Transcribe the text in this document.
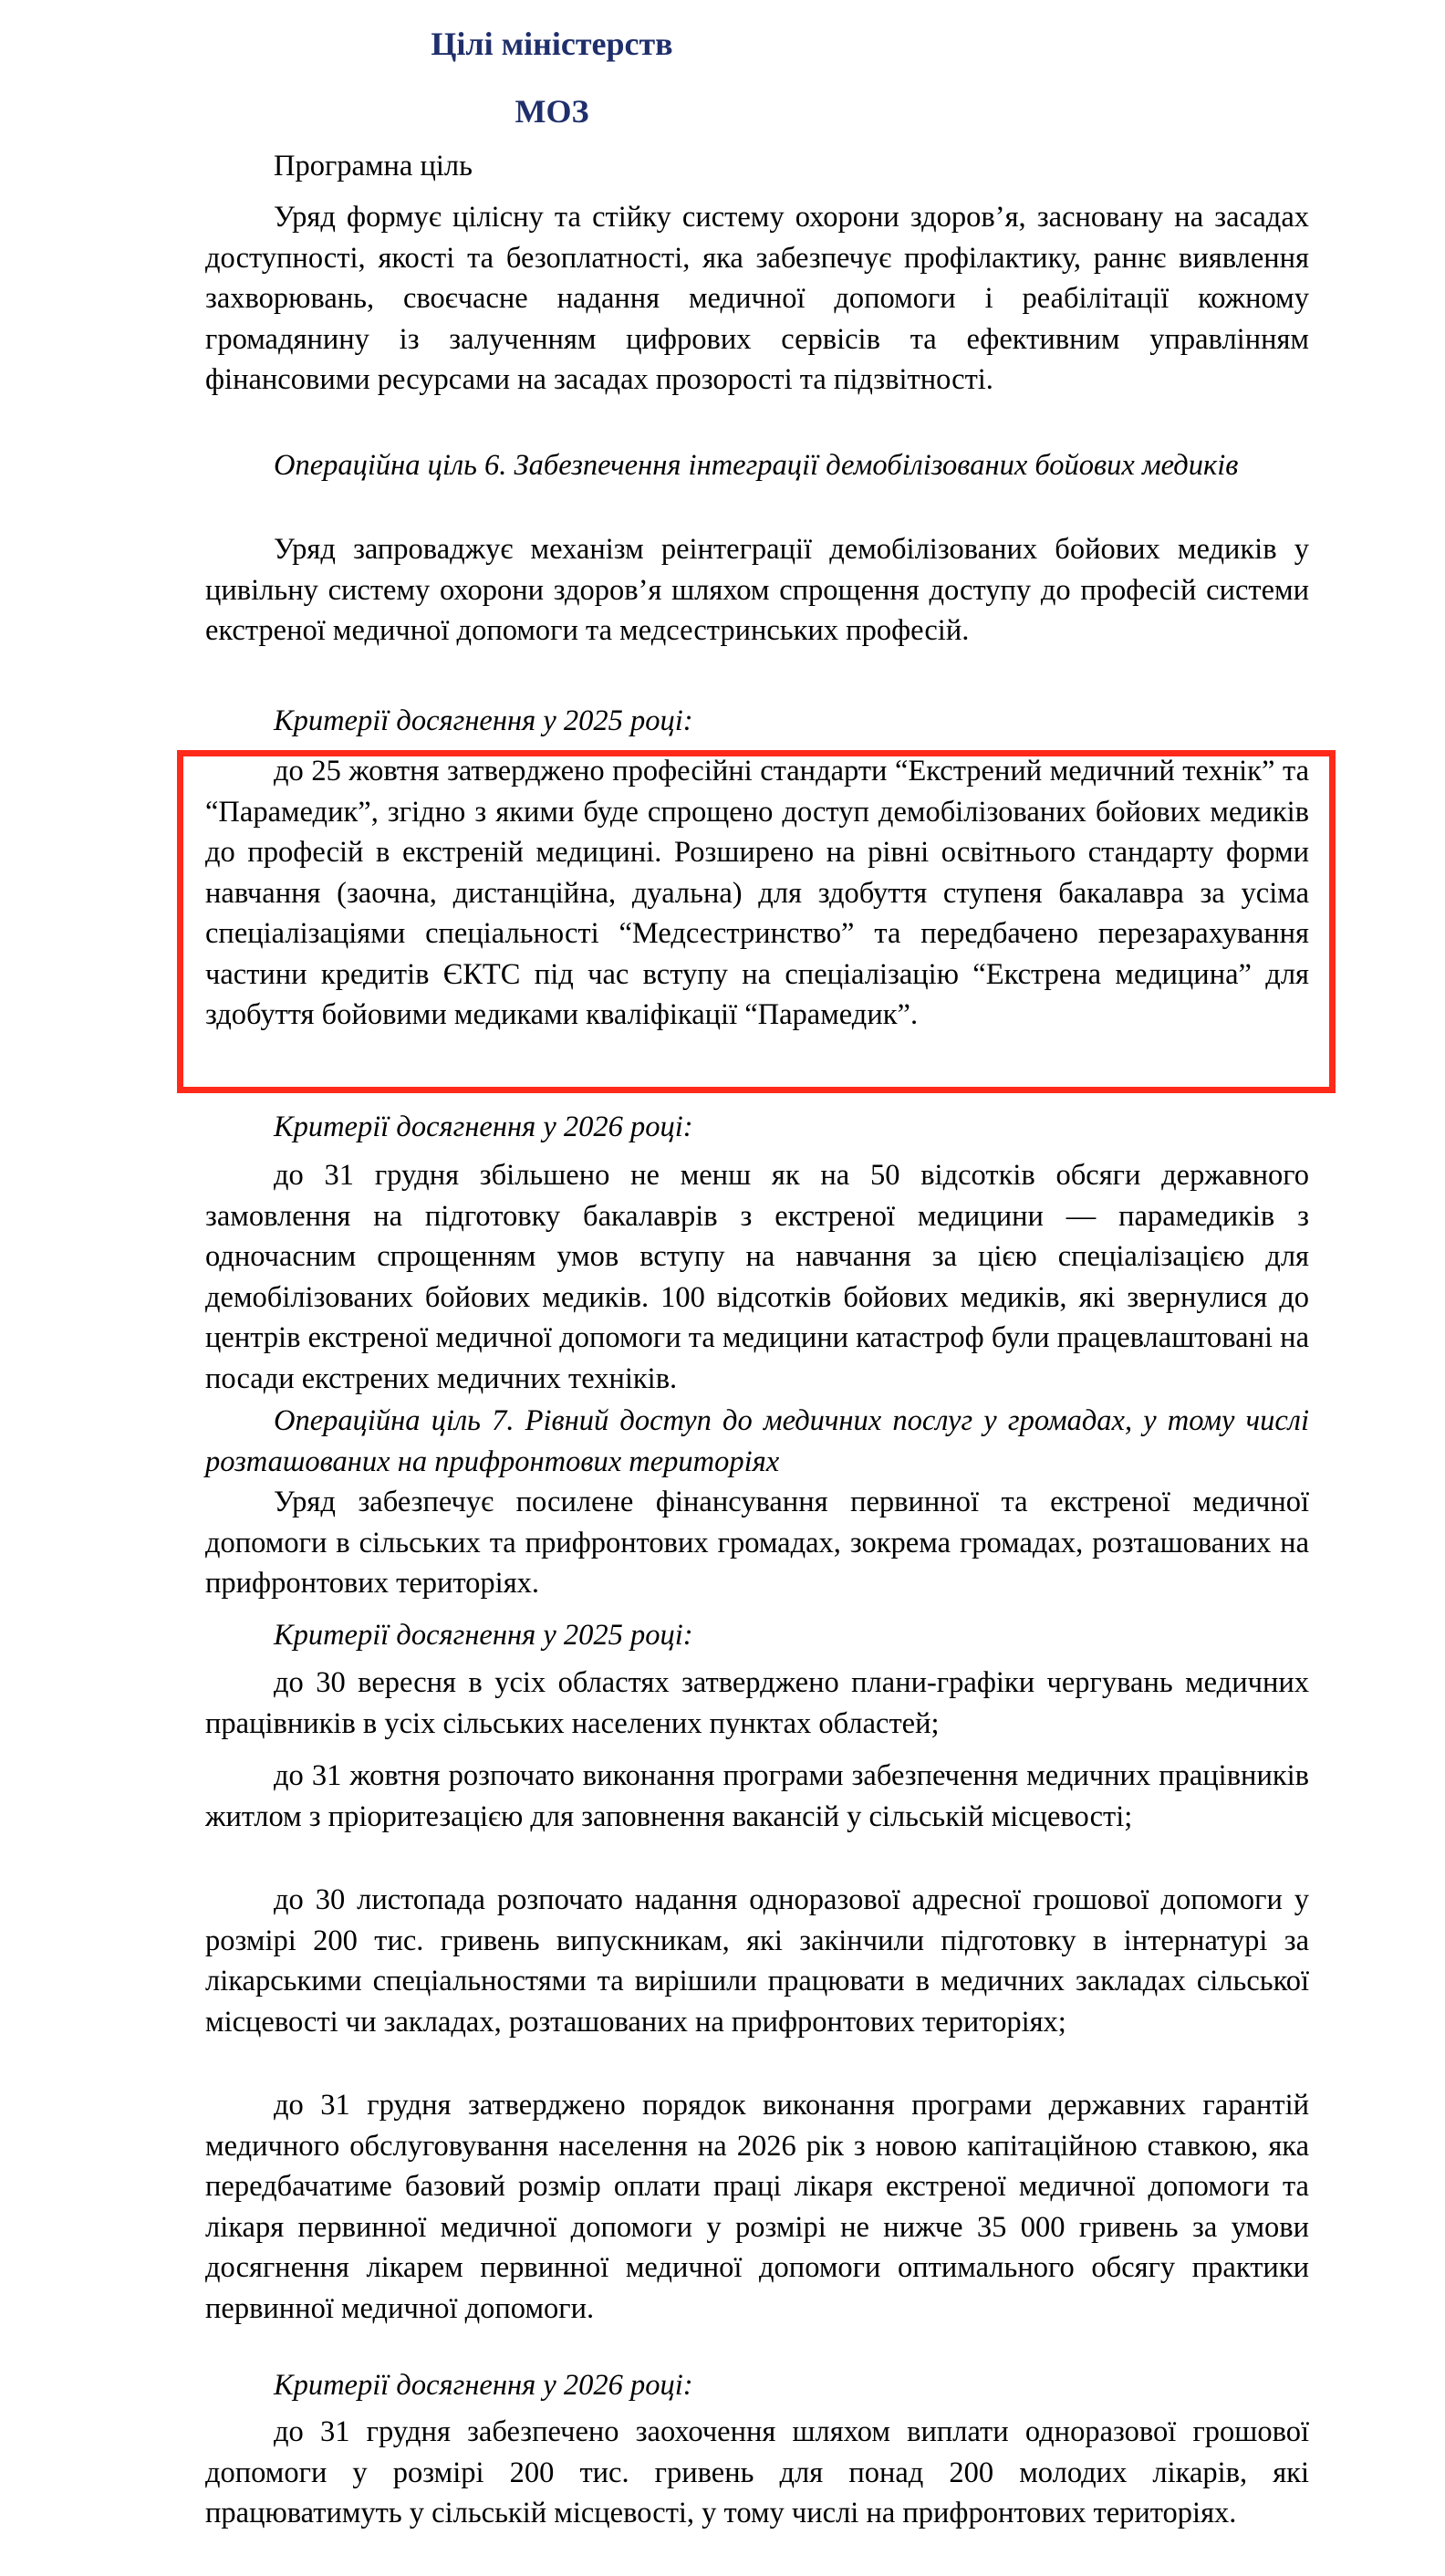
Цілі міністерств
МОЗ

Програмна ціль

Уряд формує цілісну та стійку систему охорони здоров’я, засновану на засадах доступності, якості та безоплатності, яка забезпечує профілактику, раннє виявлення захворювань, своєчасне надання медичної допомоги і реабілітації кожному громадянину із залученням цифрових сервісів та ефективним управлінням фінансовими ресурсами на засадах прозорості та підзвітності.

Операційна ціль 6. Забезпечення інтеграції демобілізованих бойових медиків

Уряд запроваджує механізм реінтеграції демобілізованих бойових медиків у цивільну систему охорони здоров’я шляхом спрощення доступу до професій системи екстреної медичної допомоги та медсестринських професій.

Критерії досягнення у 2025 році:

до 25 жовтня затверджено професійні стандарти “Екстрений медичний технік” та “Парамедик”, згідно з якими буде спрощено доступ демобілізованих бойових медиків до професій в екстреній медицині. Розширено на рівні освітнього стандарту форми навчання (заочна, дистанційна, дуальна) для здобуття ступеня бакалавра за усіма спеціалізаціями спеціальності “Медсестринство” та передбачено перезарахування частини кредитів ЄКТС під час вступу на спеціалізацію “Екстрена медицина” для здобуття бойовими медиками кваліфікації “Парамедик”.

Критерії досягнення у 2026 році:

до 31 грудня збільшено не менш як на 50 відсотків обсяги державного замовлення на підготовку бакалаврів з екстреної медицини — парамедиків з одночасним спрощенням умов вступу на навчання за цією спеціалізацією для демобілізованих бойових медиків. 100 відсотків бойових медиків, які звернулися до центрів екстреної медичної допомоги та медицини катастроф були працевлаштовані на посади екстрених медичних техніків.

Операційна ціль 7. Рівний доступ до медичних послуг у громадах, у тому числі розташованих на прифронтових територіях

Уряд забезпечує посилене фінансування первинної та екстреної медичної допомоги в сільських та прифронтових громадах, зокрема громадах, розташованих на прифронтових територіях.

Критерії досягнення у 2025 році:

до 30 вересня в усіх областях затверджено плани-графіки чергувань медичних працівників в усіх сільських населених пунктах областей;

до 31 жовтня розпочато виконання програми забезпечення медичних працівників житлом з пріоритезацією для заповнення вакансій у сільській місцевості;

до 30 листопада розпочато надання одноразової адресної грошової допомоги у розмірі 200 тис. гривень випускникам, які закінчили підготовку в інтернатурі за лікарськими спеціальностями та вирішили працювати в медичних закладах сільської місцевості чи закладах, розташованих на прифронтових територіях;

до 31 грудня затверджено порядок виконання програми державних гарантій медичного обслуговування населення на 2026 рік з новою капітаційною ставкою, яка передбачатиме базовий розмір оплати праці лікаря екстреної медичної допомоги та лікаря первинної медичної допомоги у розмірі не нижче 35 000 гривень за умови досягнення лікарем первинної медичної допомоги оптимального обсягу практики первинної медичної допомоги.

Критерії досягнення у 2026 році:

до 31 грудня забезпечено заохочення шляхом виплати одноразової грошової допомоги у розмірі 200 тис. гривень для понад 200 молодих лікарів, які працюватимуть у сільській місцевості, у тому числі на прифронтових територіях.
